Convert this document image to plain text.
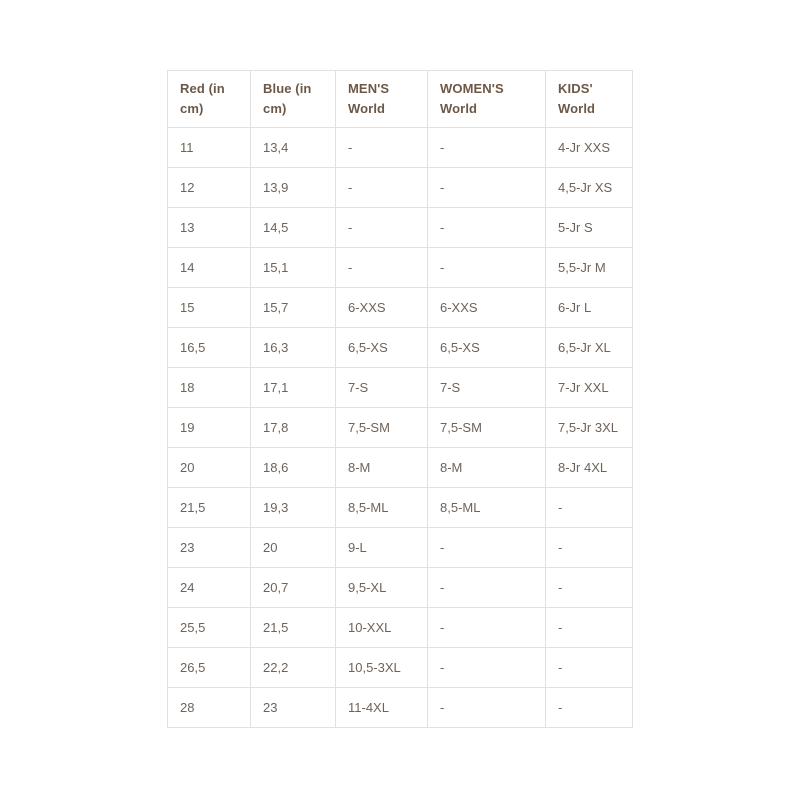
Red (in cm)	Blue (in cm)	MEN'S World	WOMEN'S World	KIDS' World
11	13,4	-	-	4-Jr XXS
12	13,9	-	-	4,5-Jr XS
13	14,5	-	-	5-Jr S
14	15,1	-	-	5,5-Jr M
15	15,7	6-XXS	6-XXS	6-Jr L
16,5	16,3	6,5-XS	6,5-XS	6,5-Jr XL
18	17,1	7-S	7-S	7-Jr XXL
19	17,8	7,5-SM	7,5-SM	7,5-Jr 3XL
20	18,6	8-M	8-M	8-Jr 4XL
21,5	19,3	8,5-ML	8,5-ML	-
23	20	9-L	-	-
24	20,7	9,5-XL	-	-
25,5	21,5	10-XXL	-	-
26,5	22,2	10,5-3XL	-	-
28	23	11-4XL	-	-
